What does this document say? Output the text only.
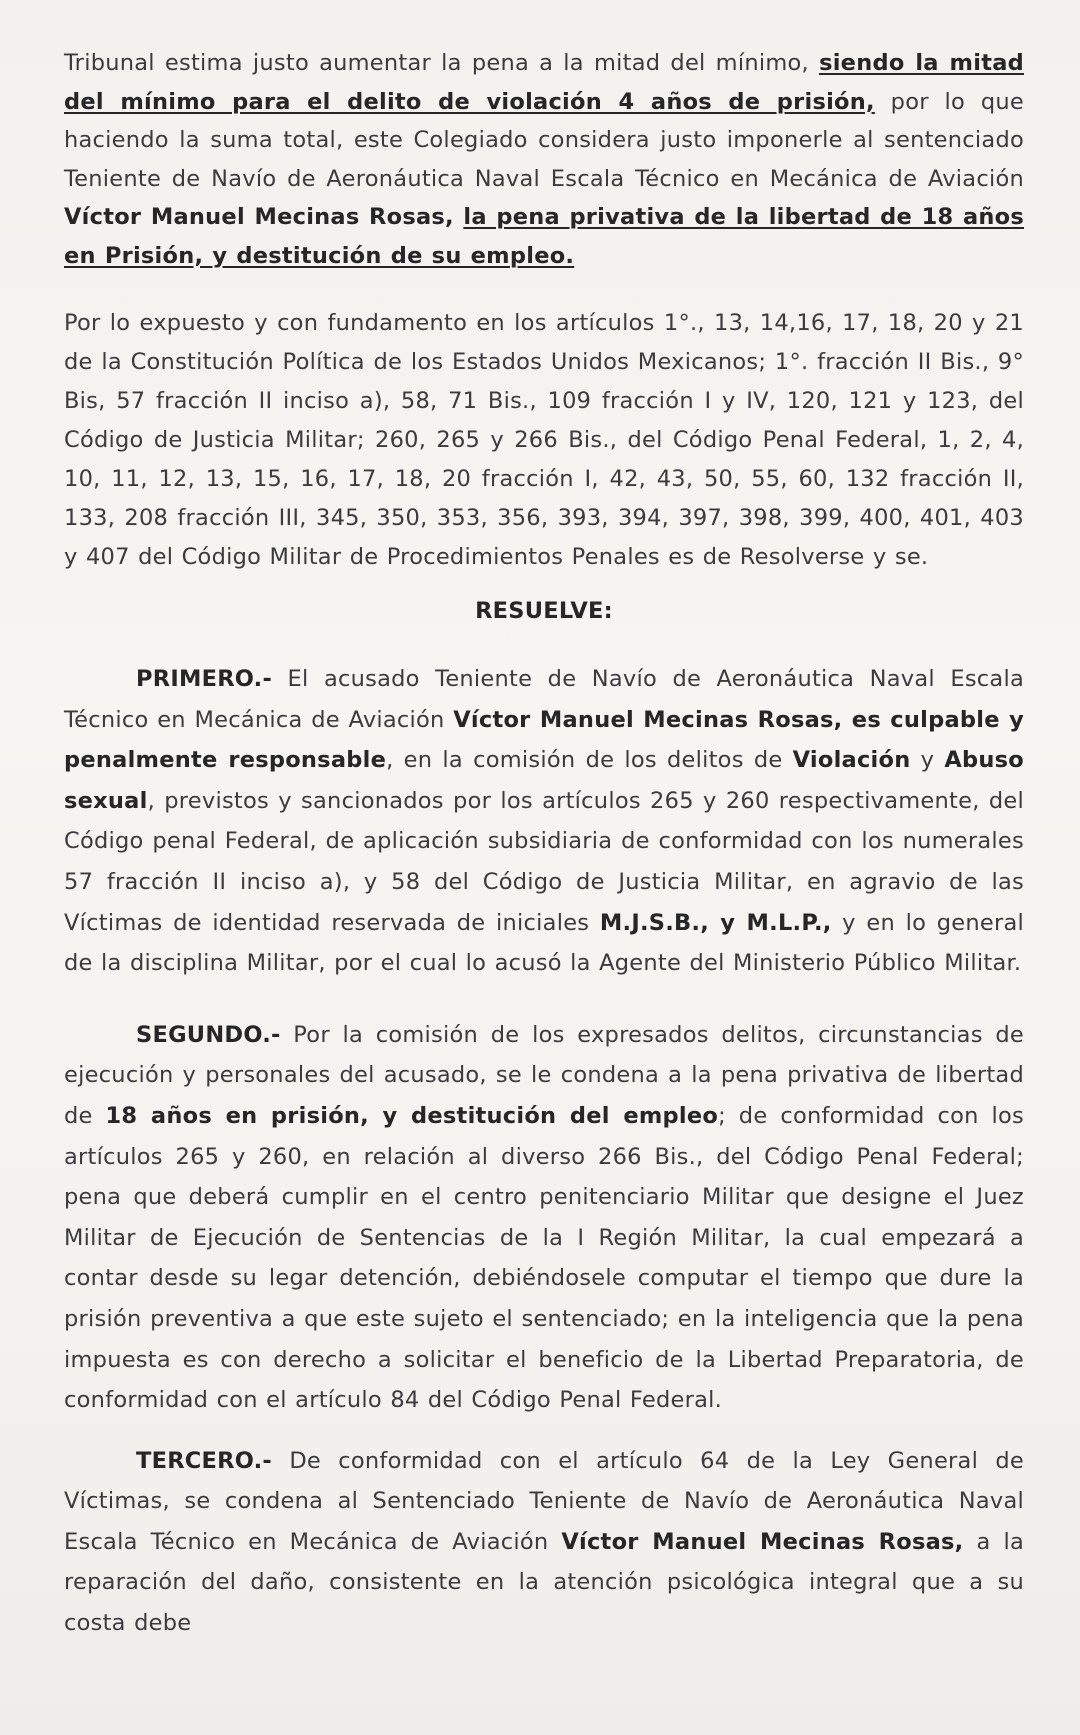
Tribunal estima justo aumentar la pena a la mitad del mínimo, siendo la mitad del mínimo para el delito de violación 4 años de prisión, por lo que haciendo la suma total, este Colegiado considera justo imponerle al sentenciado Teniente de Navío de Aeronáutica Naval Escala Técnico en Mecánica de Aviación Víctor Manuel Mecinas Rosas, la pena privativa de la libertad de 18 años en Prisión, y destitución de su empleo.

Por lo expuesto y con fundamento en los artículos 1°., 13, 14,16, 17, 18, 20 y 21 de la Constitución Política de los Estados Unidos Mexicanos; 1°. fracción II Bis., 9° Bis, 57 fracción II inciso a), 58, 71 Bis., 109 fracción I y IV, 120, 121 y 123, del Código de Justicia Militar; 260, 265 y 266 Bis., del Código Penal Federal, 1, 2, 4, 10, 11, 12, 13, 15, 16, 17, 18, 20 fracción I, 42, 43, 50, 55, 60, 132 fracción II, 133, 208 fracción III, 345, 350, 353, 356, 393, 394, 397, 398, 399, 400, 401, 403 y 407 del Código Militar de Procedimientos Penales es de Resolverse y se.

RESUELVE:

PRIMERO.- El acusado Teniente de Navío de Aeronáutica Naval Escala Técnico en Mecánica de Aviación Víctor Manuel Mecinas Rosas, es culpable y penalmente responsable, en la comisión de los delitos de Violación y Abuso sexual, previstos y sancionados por los artículos 265 y 260 respectivamente, del Código penal Federal, de aplicación subsidiaria de conformidad con los numerales 57 fracción II inciso a), y 58 del Código de Justicia Militar, en agravio de las Víctimas de identidad reservada de iniciales M.J.S.B., y M.L.P., y en lo general de la disciplina Militar, por el cual lo acusó la Agente del Ministerio Público Militar.

SEGUNDO.- Por la comisión de los expresados delitos, circunstancias de ejecución y personales del acusado, se le condena a la pena privativa de libertad de 18 años en prisión, y destitución del empleo; de conformidad con los artículos 265 y 260, en relación al diverso 266 Bis., del Código Penal Federal; pena que deberá cumplir en el centro penitenciario Militar que designe el Juez Militar de Ejecución de Sentencias de la I Región Militar, la cual empezará a contar desde su legar detención, debiéndosele computar el tiempo que dure la prisión preventiva a que este sujeto el sentenciado; en la inteligencia que la pena impuesta es con derecho a solicitar el beneficio de la Libertad Preparatoria, de conformidad con el artículo 84 del Código Penal Federal.

TERCERO.- De conformidad con el artículo 64 de la Ley General de Víctimas, se condena al Sentenciado Teniente de Navío de Aeronáutica Naval Escala Técnico en Mecánica de Aviación Víctor Manuel Mecinas Rosas, a la reparación del daño, consistente en la atención psicológica integral que a su costa debe
